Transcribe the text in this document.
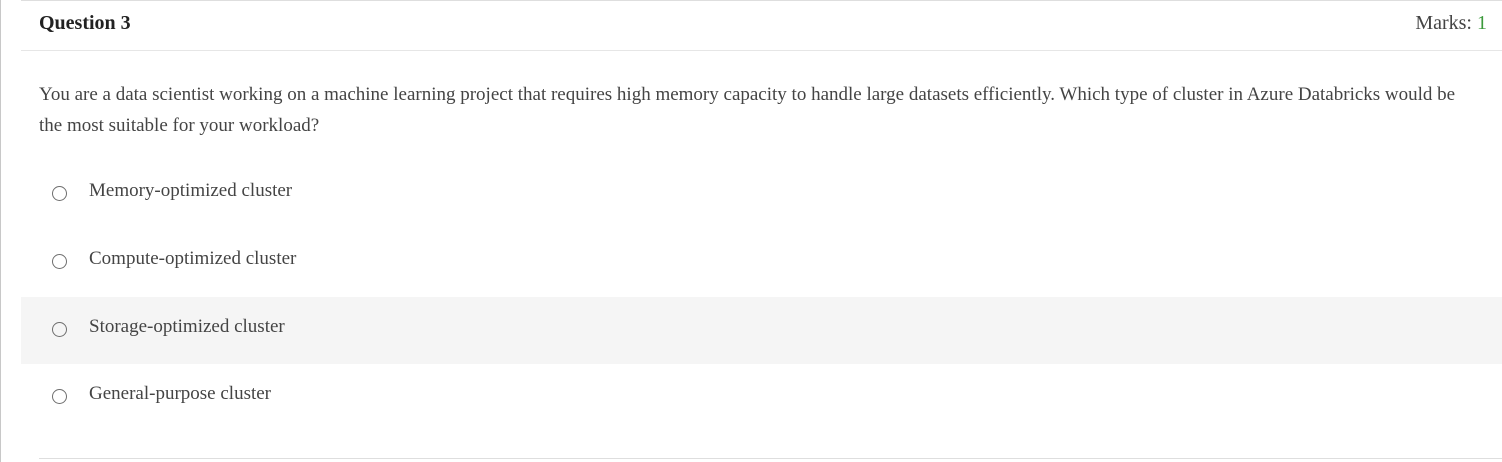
Question 3	Marks: 1
You are a data scientist working on a machine learning project that requires high memory capacity to handle large datasets efficiently. Which type of cluster in Azure Databricks would be the most suitable for your workload?
Memory-optimized cluster
Compute-optimized cluster
Storage-optimized cluster
General-purpose cluster
